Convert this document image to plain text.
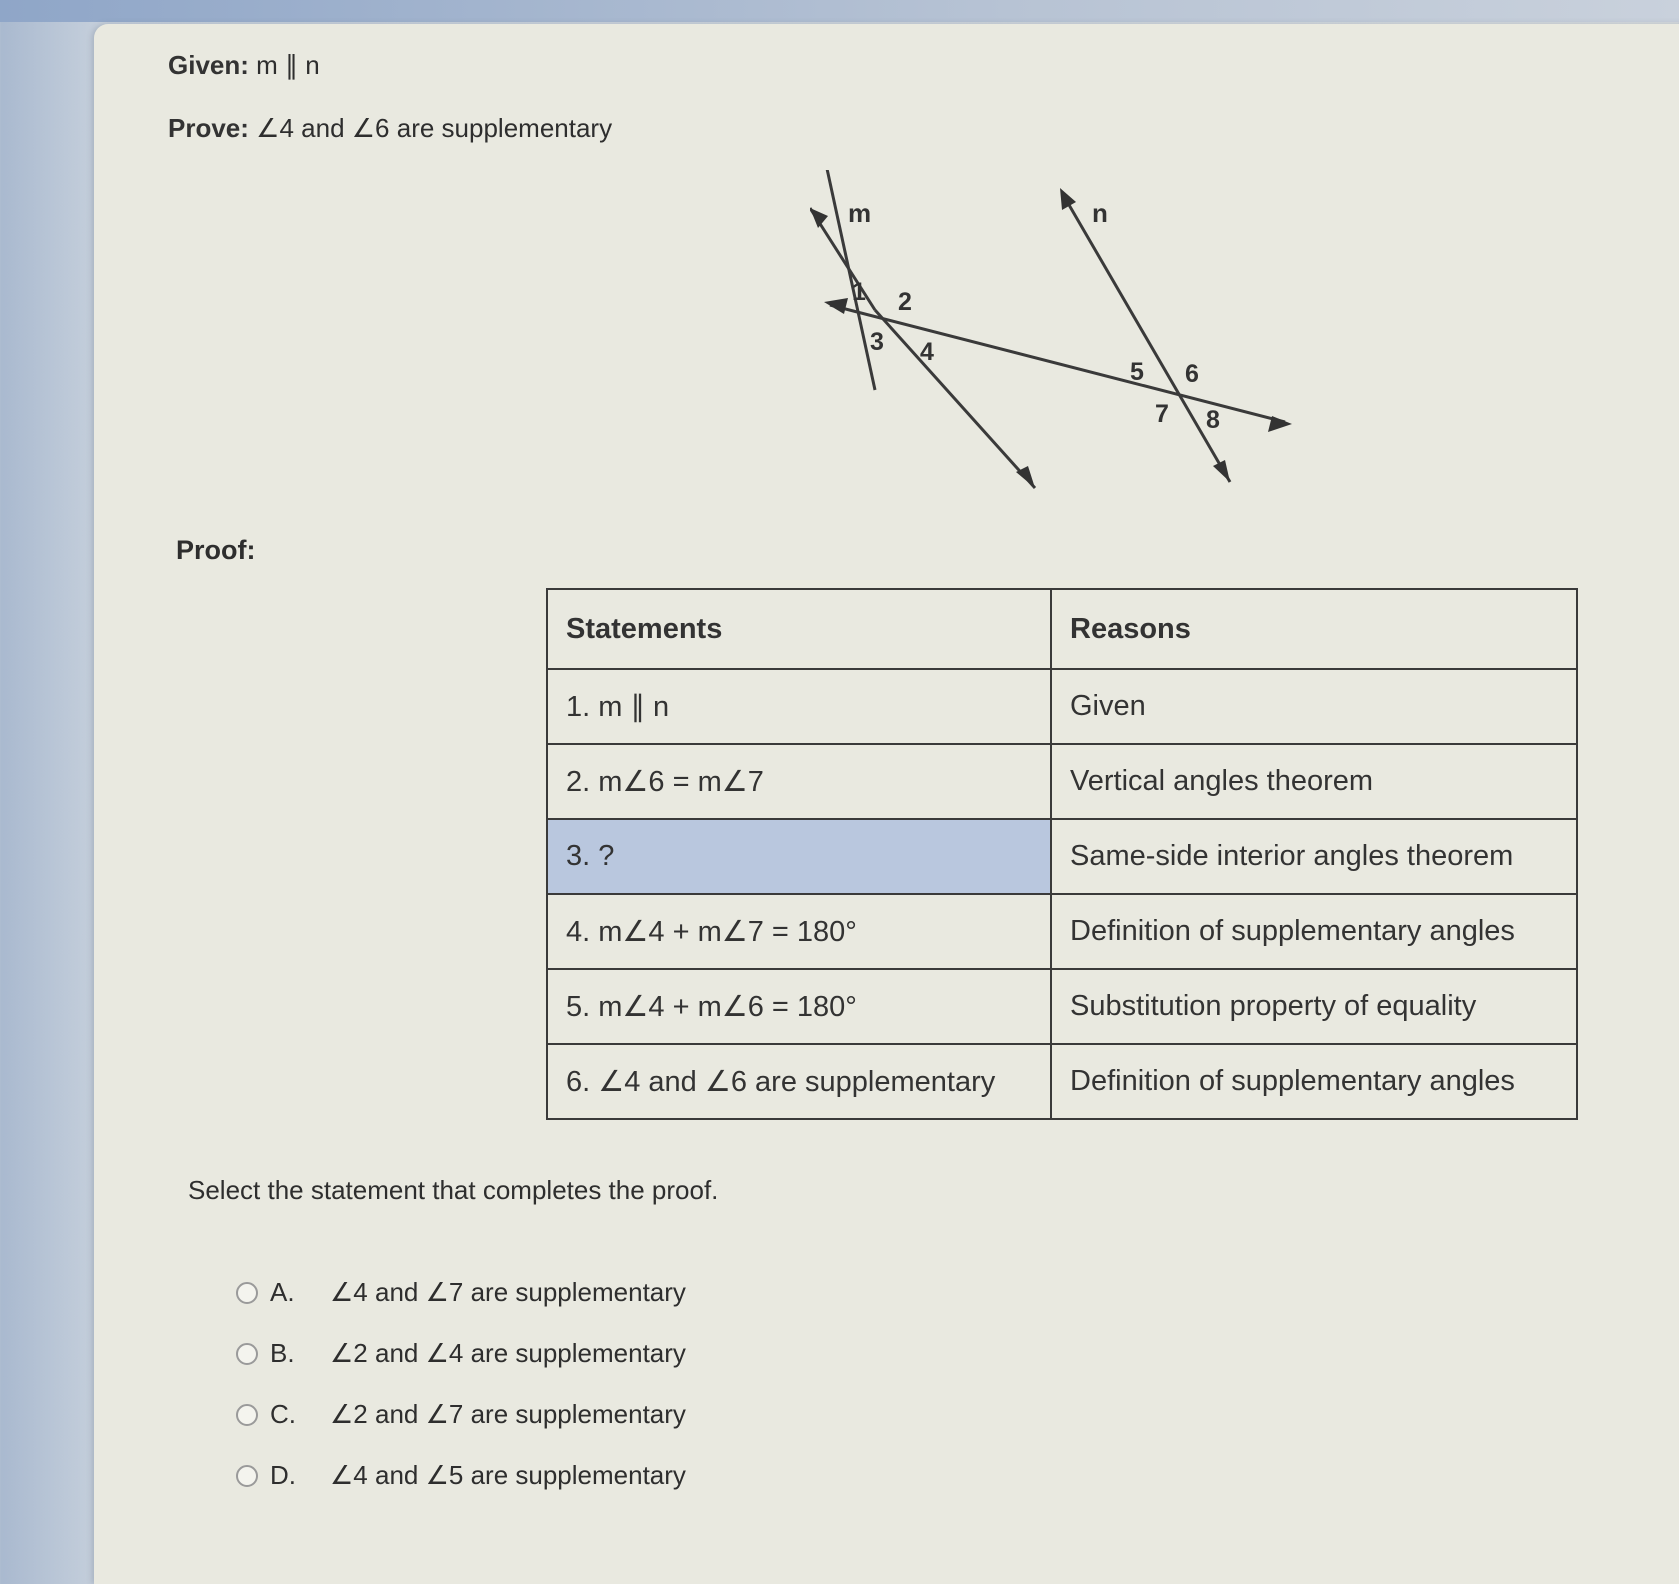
Given: m ∥ n
Prove: ∠4 and ∠6 are supplementary
m	n
1 2
3 4
5 6
7 8
Proof:
Statements	Reasons
1. m ∥ n	Given
2. m∠6 = m∠7	Vertical angles theorem
3. ?	Same-side interior angles theorem
4. m∠4 + m∠7 = 180°	Definition of supplementary angles
5. m∠4 + m∠6 = 180°	Substitution property of equality
6. ∠4 and ∠6 are supplementary	Definition of supplementary angles
Select the statement that completes the proof.
A.	∠4 and ∠7 are supplementary
B.	∠2 and ∠4 are supplementary
C.	∠2 and ∠7 are supplementary
D.	∠4 and ∠5 are supplementary
